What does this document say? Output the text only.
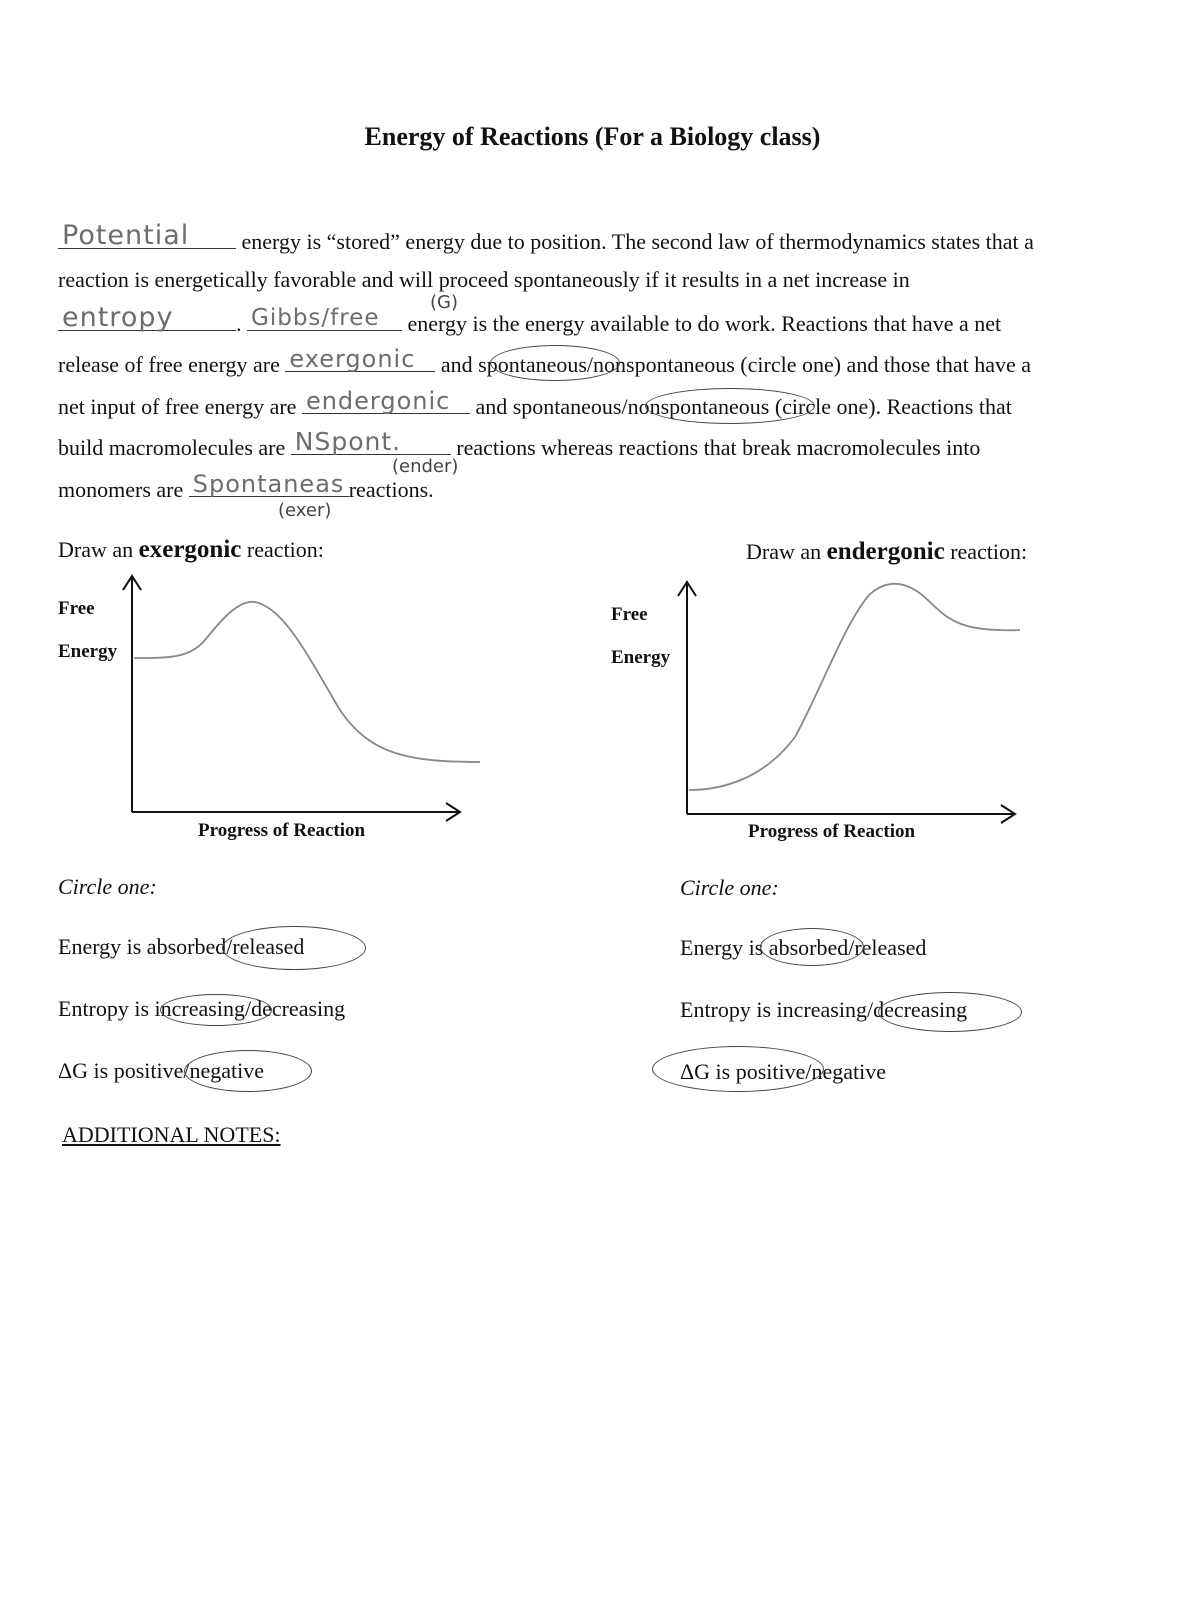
Energy of Reactions (For a Biology class)
Potential energy is “stored” energy due to position. The second law of thermodynamics states that a
reaction is energetically favorable and will proceed spontaneously if it results in a net increase in
entropy	. Gibbs/free energy is the energy available to do work. Reactions that have a net
(G)
release of free energy are exergonic and spontaneous/nonspontaneous (circle one) and those that have a
net input of free energy are endergonic and spontaneous/nonspontaneous (circle one). Reactions that
build macromolecules are NSpont.	reactions whereas reactions that break macromolecules into
(ender)
monomers are Spontaneas reactions.
(exer)
Draw an exergonic reaction:
Free
Energy
Progress of Reaction
Circle one:
Energy is absorbed/released
Entropy is increasing/decreasing
ΔG is positive/negative
Draw an endergonic reaction:
Free
Energy
Progress of Reaction
Circle one:
Energy is absorbed/released
Entropy is increasing/decreasing
ΔG is positive/negative
ADDITIONAL NOTES:
